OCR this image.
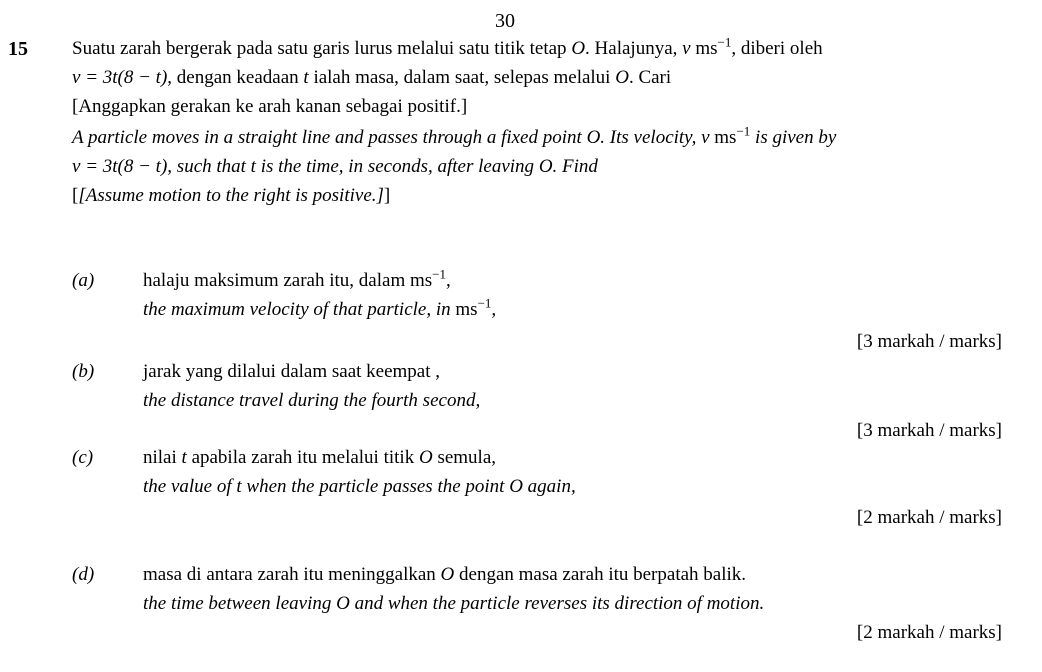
30
15 Suatu zarah bergerak pada satu garis lurus melalui satu titik tetap O. Halajunya, v $ms^{-1}$, diberi oleh
v = 3t(8 − t), dengan keadaan t ialah masa, dalam saat, selepas melalui O. Cari
[Anggapkan gerakan ke arah kanan sebagai positif.]
A particle moves in a straight line and passes through a fixed point O. Its velocity, v $ms^{-1}$ is given by
v = 3t(8 − t), such that t is the time, in seconds, after leaving O. Find
[[Assume motion to the right is positive.]]
(a)	halaju maksimum zarah itu, dalam $ms^{-1}$,
the maximum velocity of that particle, in $ms^{-1}$,
[3 markah / marks]
(b)	jarak yang dilalui dalam saat keempat ,
the distance travel during the fourth second,
[3 markah / marks]
(c)	nilai t apabila zarah itu melalui titik O semula,
the value of t when the particle passes the point O again,
[2 markah / marks]
(d)	masa di antara zarah itu meninggalkan O dengan masa zarah itu berpatah balik.
the time between leaving O and when the particle reverses its direction of motion.
[2 markah / marks]
